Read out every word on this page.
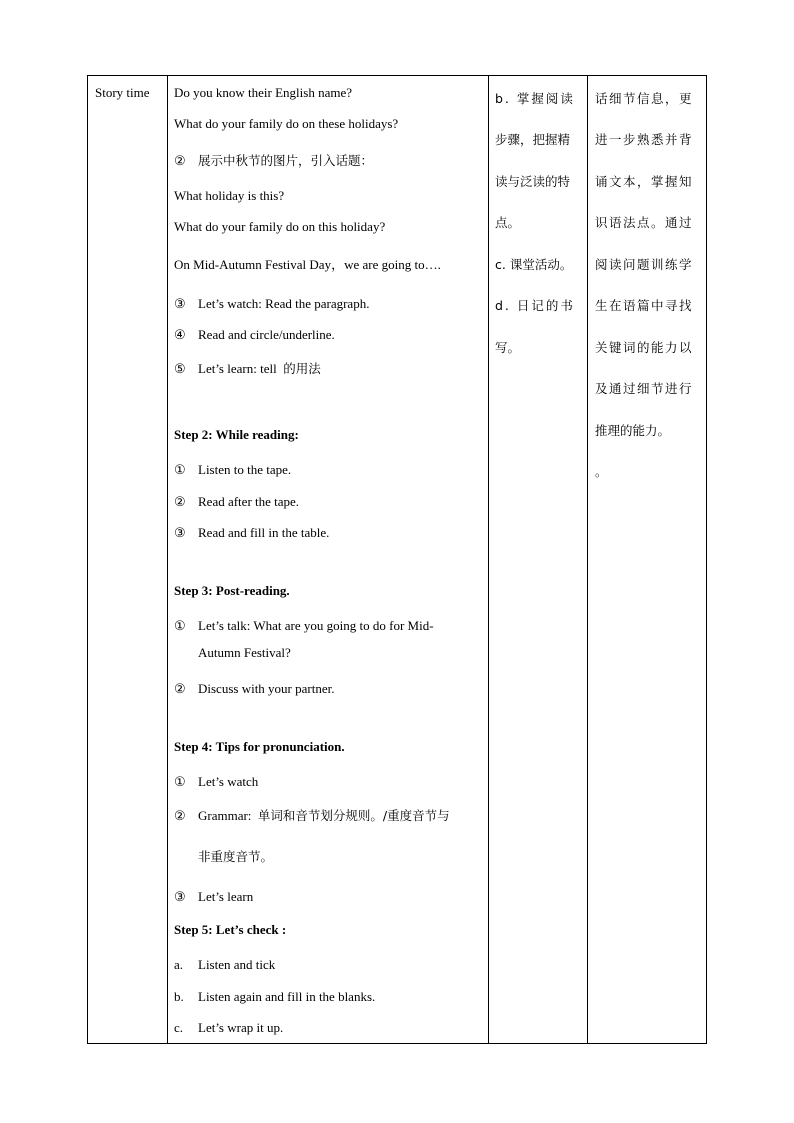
Story time Do you know their English name?
What do your family do on these holidays?
② 展示中秋节的图片，引入话题：
What holiday is this?
What do your family do on this holiday?
On Mid-Autumn Festival Day，we are going to….
③ Let’s watch: Read the paragraph.
④ Read and circle/underline.
⑤ Let’s learn: tell 的用法
Step 2: While reading:
① Listen to the tape.
② Read after the tape.
③ Read and fill in the table.
Step 3: Post-reading.
① Let’s talk: What are you going to do for Mid-
Autumn Festival?
② Discuss with your partner.
Step 4: Tips for pronunciation.
① Let’s watch
② Grammar: 单词和音节划分规则。/重度音节与
非重度音节。
③ Let’s learn
Step 5: Let’s check :
a. Listen and tick
b. Listen again and fill in the blanks.
c. Let’s wrap it up.
b. 掌握阅读
步骤，把握精
读与泛读的特
点。
c. 课堂活动。
d. 日记的书
写。
话细节信息，更
进一步熟悉并背
诵文本，掌握知
识语法点。通过
阅读问题训练学
生在语篇中寻找
关键词的能力以
及通过细节进行
推理的能力。
。
